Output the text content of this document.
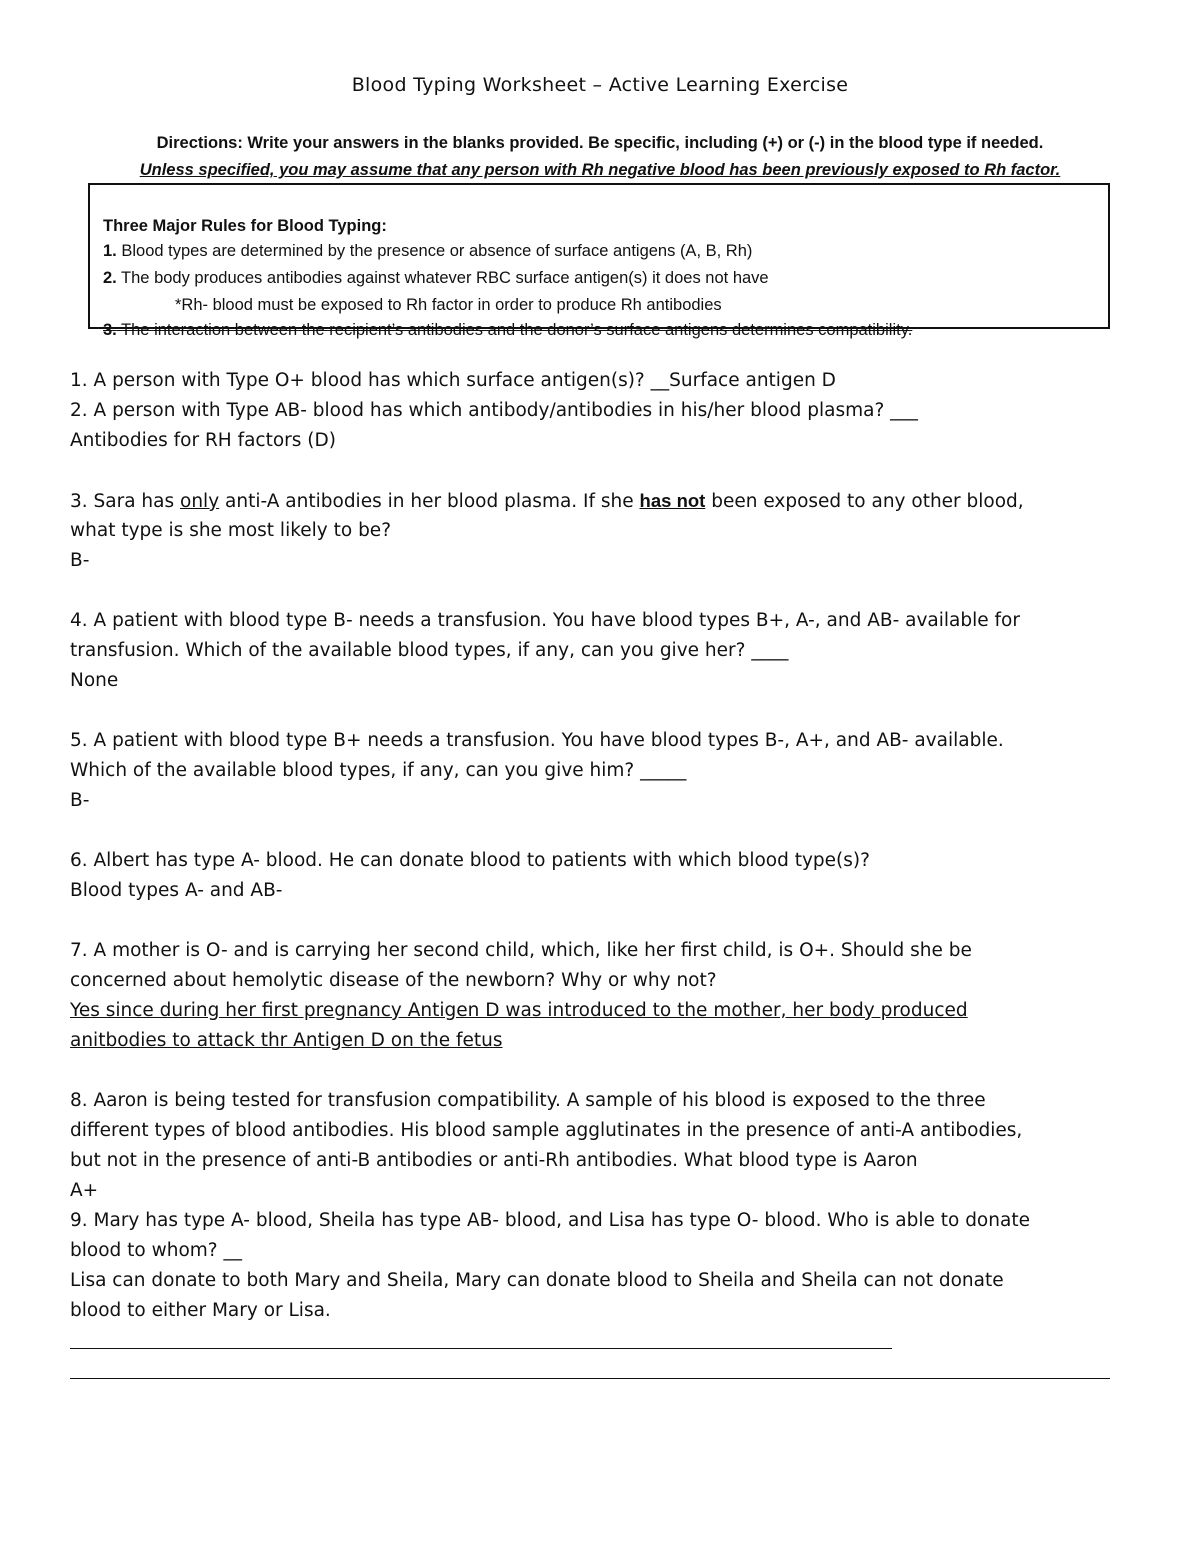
Blood Typing Worksheet – Active Learning Exercise
Directions: Write your answers in the blanks provided. Be specific, including (+) or (-) in the blood type if needed.
Unless specified, you may assume that any person with Rh negative blood has been previously exposed to Rh factor.
Three Major Rules for Blood Typing:
1. Blood types are determined by the presence or absence of surface antigens (A, B, Rh)
2. The body produces antibodies against whatever RBC surface antigen(s) it does not have
*Rh- blood must be exposed to Rh factor in order to produce Rh antibodies
3. The interaction between the recipient’s antibodies and the donor’s surface antigens determines compatibility.
1. A person with Type O+ blood has which surface antigen(s)? __Surface antigen D
2. A person with Type AB- blood has which antibody/antibodies in his/her blood plasma? ___
Antibodies for RH factors (D)
3. Sara has only anti-A antibodies in her blood plasma. If she has not been exposed to any other blood,
what type is she most likely to be?
B-
4. A patient with blood type B- needs a transfusion. You have blood types B+, A-, and AB- available for
transfusion. Which of the available blood types, if any, can you give her? ____
None
5. A patient with blood type B+ needs a transfusion. You have blood types B-, A+, and AB- available.
Which of the available blood types, if any, can you give him? _____
B-
6. Albert has type A- blood. He can donate blood to patients with which blood type(s)?
Blood types A- and AB-
7. A mother is O- and is carrying her second child, which, like her first child, is O+. Should she be
concerned about hemolytic disease of the newborn? Why or why not?
Yes since during her first pregnancy Antigen D was introduced to the mother, her body produced
anitbodies to attack thr Antigen D on the fetus
8. Aaron is being tested for transfusion compatibility. A sample of his blood is exposed to the three
different types of blood antibodies. His blood sample agglutinates in the presence of anti-A antibodies,
but not in the presence of anti-B antibodies or anti-Rh antibodies. What blood type is Aaron
A+
9. Mary has type A- blood, Sheila has type AB- blood, and Lisa has type O- blood. Who is able to donate
blood to whom? __
Lisa can donate to both Mary and Sheila, Mary can donate blood to Sheila and Sheila can not donate
blood to either Mary or Lisa.
